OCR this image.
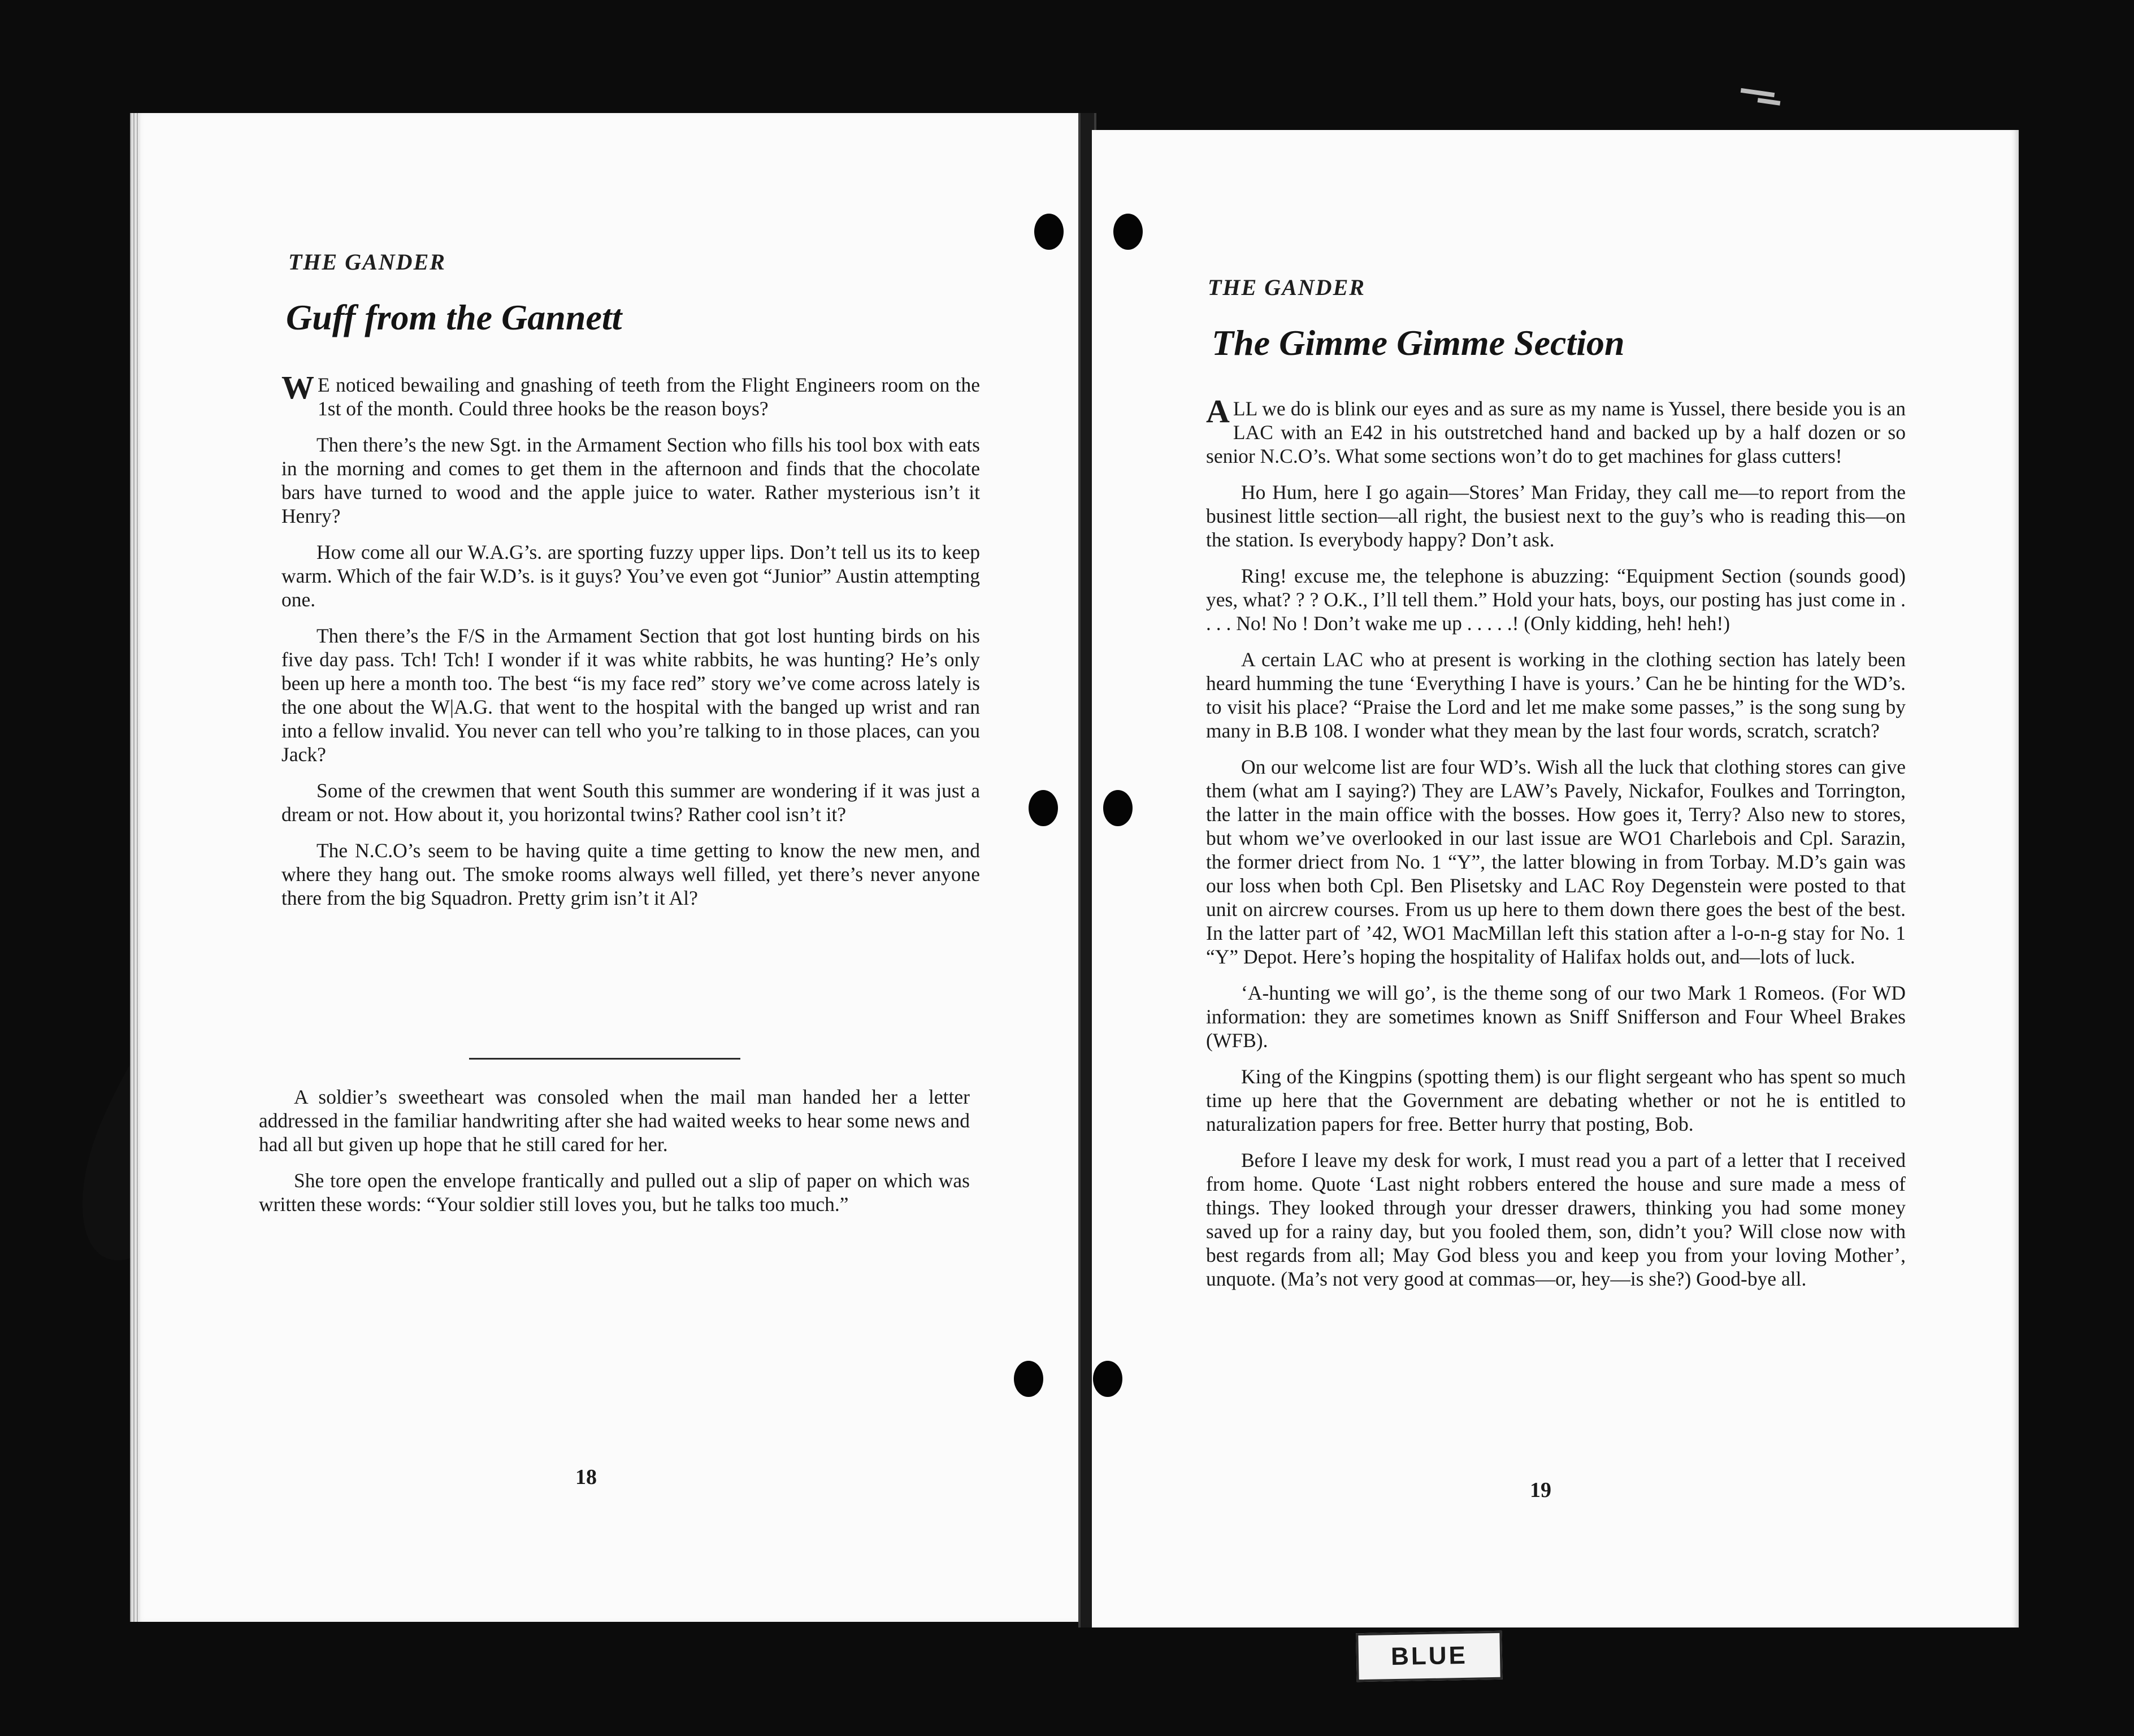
THE GANDER
Guff from the Gannett

W E noticed bewailing and gnashing of teeth from the Flight Engineers room on the 1st of the month. Could three hooks be the reason boys?

Then there’s the new Sgt. in the Armament Section who fills his tool box with eats in the morning and comes to get them in the afternoon and finds that the chocolate bars have turned to wood and the apple juice to water. Rather mysterious isn’t it Henry?

How come all our W.A.G’s. are sporting fuzzy upper lips. Don’t tell us its to keep warm. Which of the fair W.D’s. is it guys? You’ve even got “Junior” Austin attempting one.

Then there’s the F/S in the Armament Section that got lost hunting birds on his five day pass. Tch! Tch! I wonder if it was white rabbits, he was hunting? He’s only been up here a month too. The best “is my face red” story we’ve come across lately is the one about the W|A.G. that went to the hospital with the banged up wrist and ran into a fellow invalid. You never can tell who you’re talking to in those places, can you Jack?

Some of the crewmen that went South this summer are wondering if it was just a dream or not. How about it, you horizontal twins? Rather cool isn’t it?

The N.C.O’s seem to be having quite a time getting to know the new men, and where they hang out. The smoke rooms always well filled, yet there’s never anyone there from the big Squadron. Pretty grim isn’t it Al?

A soldier’s sweetheart was consoled when the mail man handed her a letter addressed in the familiar handwriting after she had waited weeks to hear some news and had all but given up hope that he still cared for her.

She tore open the envelope frantically and pulled out a slip of paper on which was written these words: “Your soldier still loves you, but he talks too much.”

18
THE GANDER
The Gimme Gimme Section

ALL we do is blink our eyes and as sure as my name is Yussel, there beside you is an LAC with an E42 in his outstretched hand and backed up by a half dozen or so senior N.C.O’s. What some sections won’t do to get machines for glass cutters!

Ho Hum, here I go again—Stores’ Man Friday, they call me—to report from the businest little section—all right, the busiest next to the guy’s who is reading this—on the station. Is everybody happy? Don’t ask.

Ring! excuse me, the telephone is abuzzing: “Equipment Section (sounds good) yes, what? ? ? O.K., I’ll tell them.” Hold your hats, boys, our posting has just come in . . . . No! No ! Don’t wake me up . . . . .! (Only kidding, heh! heh!)

A certain LAC who at present is working in the clothing section has lately been heard humming the tune ‘Everything I have is yours.’ Can he be hinting for the WD’s. to visit his place? “Praise the Lord and let me make some passes,” is the song sung by many in B.B 108. I wonder what they mean by the last four words, scratch, scratch?

On our welcome list are four WD’s. Wish all the luck that clothing stores can give them (what am I saying?) They are LAW’s Pavely, Nickafor, Foulkes and Torrington, the latter in the main office with the bosses. How goes it, Terry? Also new to stores, but whom we’ve overlooked in our last issue are WO1 Charlebois and Cpl. Sarazin, the former driect from No. 1 “Y”, the latter blowing in from Torbay. M.D’s gain was our loss when both Cpl. Ben Plisetsky and LAC Roy Degenstein were posted to that unit on aircrew courses. From us up here to them down there goes the best of the best. In the latter part of ’42, WO1 MacMillan left this station after a l-o-n-g stay for No. 1 “Y” Depot. Here’s hoping the hospitality of Halifax holds out, and—lots of luck.

‘A-hunting we will go’, is the theme song of our two Mark 1 Romeos. (For WD information: they are sometimes known as Sniff Snifferson and Four Wheel Brakes (WFB).

King of the Kingpins (spotting them) is our flight sergeant who has spent so much time up here that the Government are debating whether or not he is entitled to naturalization papers for free. Better hurry that posting, Bob.

Before I leave my desk for work, I must read you a part of a letter that I received from home. Quote ‘Last night robbers entered the house and sure made a mess of things. They looked through your dresser drawers, thinking you had some money saved up for a rainy day, but you fooled them, son, didn’t you? Will close now with best regards from all; May God bless you and keep you from your loving Mother’, unquote. (Ma’s not very good at commas—or, hey—is she?) Good-bye all.

19
BLUE
